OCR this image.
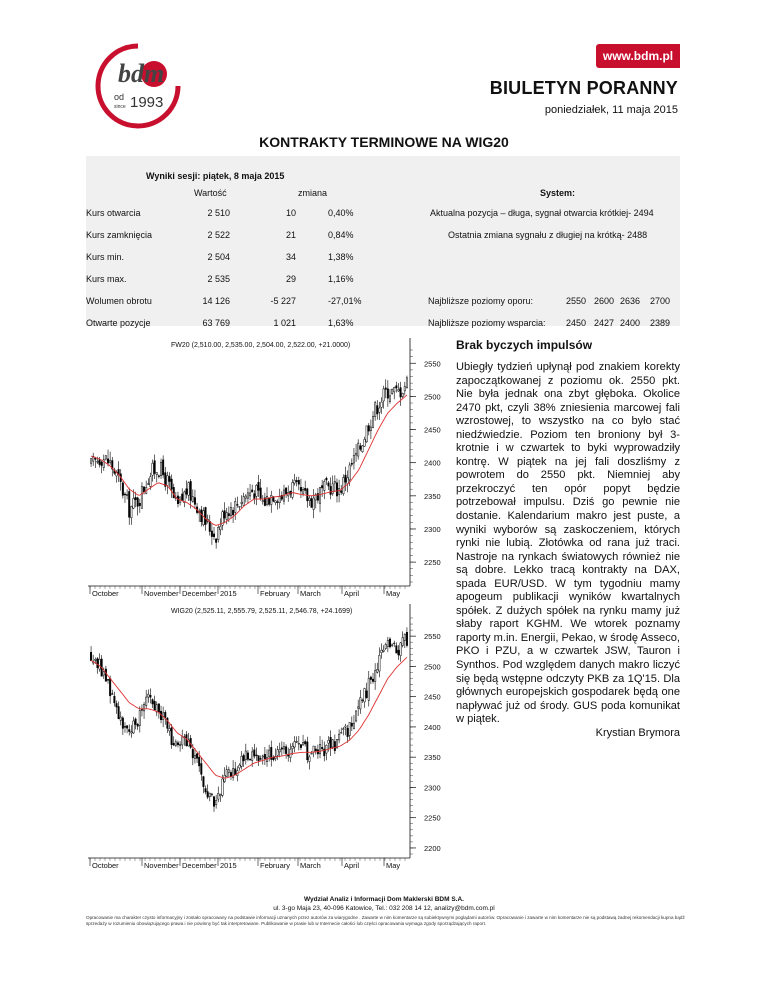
bdm
od
since 1993
www.bdm.pl
BIULETYN PORANNY
poniedziałek, 11 maja 2015
KONTRAKTY TERMINOWE NA WIG20
Wyniki sesji: piątek, 8 maja 2015
Wartość	zmiana	System:
Kurs otwarcia	2 510	10	0,40%
Kurs zamknięcia	2 522	21	0,84%
Kurs min.	2 504	34	1,38%
Kurs max.	2 535	29	1,16%
Wolumen obrotu	14 126	-5 227	-27,01%
Otwarte pozycje	63 769	1 021	1,63%
Aktualna pozycja – długa, sygnał otwarcia krótkiej- 2494
Ostatnia zmiana sygnału z długiej na krótką- 2488
Najbliższe poziomy oporu:	2550 2600 2636 2700
Najbliższe poziomy wsparcia: 2450 2427 2400 2389
FW20 (2,510.00, 2,535.00, 2,504.00, 2,522.00, +21.0000)
2550
2500
2450
2400
2350
2300
2250
October	November December 2015	February March	April	May
WIG20 (2,525.11, 2,555.79, 2,525.11, 2,546.78, +24.1699)
2550
2500
2450
2400
2350
2300
2250
2200
October	November December 2015	February March	April	May
Brak byczych impulsów
Ubiegły tydzień upłynął pod znakiem korekty zapoczątkowanej z poziomu ok. 2550 pkt. Nie była jednak ona zbyt głęboka. Okolice 2470 pkt, czyli 38% zniesienia marcowej fali wzrostowej, to wszystko na co było stać niedźwiedzie. Poziom ten broniony był 3-krotnie i w czwartek to byki wyprowadziły kontrę. W piątek na jej fali doszliśmy z powrotem do 2550 pkt. Niemniej aby przekroczyć ten opór popyt będzie potrzebował impulsu. Dziś go pewnie nie dostanie. Kalendarium makro jest puste, a wyniki wyborów są zaskoczeniem, których rynki nie lubią. Złotówka od rana już traci. Nastroje na rynkach światowych również nie są dobre. Lekko tracą kontrakty na DAX, spada EUR/USD. W tym tygodniu mamy apogeum publikacji wyników kwartalnych spółek. Z dużych spółek na rynku mamy już słaby raport KGHM. We wtorek poznamy raporty m.in. Energii, Pekao, w środę Asseco, PKO i PZU, a w czwartek JSW, Tauron i Synthos. Pod względem danych makro liczyć się będą wstępne odczyty PKB za 1Q'15. Dla głównych europejskich gospodarek będą one napływać już od środy. GUS poda komunikat w piątek.
Krystian Brymora
Wydział Analiz i Informacji Dom Maklerski BDM S.A.
ul. 3-go Maja 23, 40-096 Katowice, Tel.: 032 208 14 12, analizy@bdm.com.pl
Opracowanie ma charakter czysto informacyjny i zostało opracowany na podstawie informacji uznanych przez autorów za wiarygodne . Zawarte w nim komentarze są subiektywnymi poglądami autorów. Opracowanie i zawarte w nim komentarze nie są podstawą żadnej rekomendacji kupna bądź sprzedaży w rozumieniu obowiązującego prawa i nie powinny być tak interpretowane. Publikowanie w prasie lub w Internecie całości lub części opracowania wymaga zgody sporządzających raport.
